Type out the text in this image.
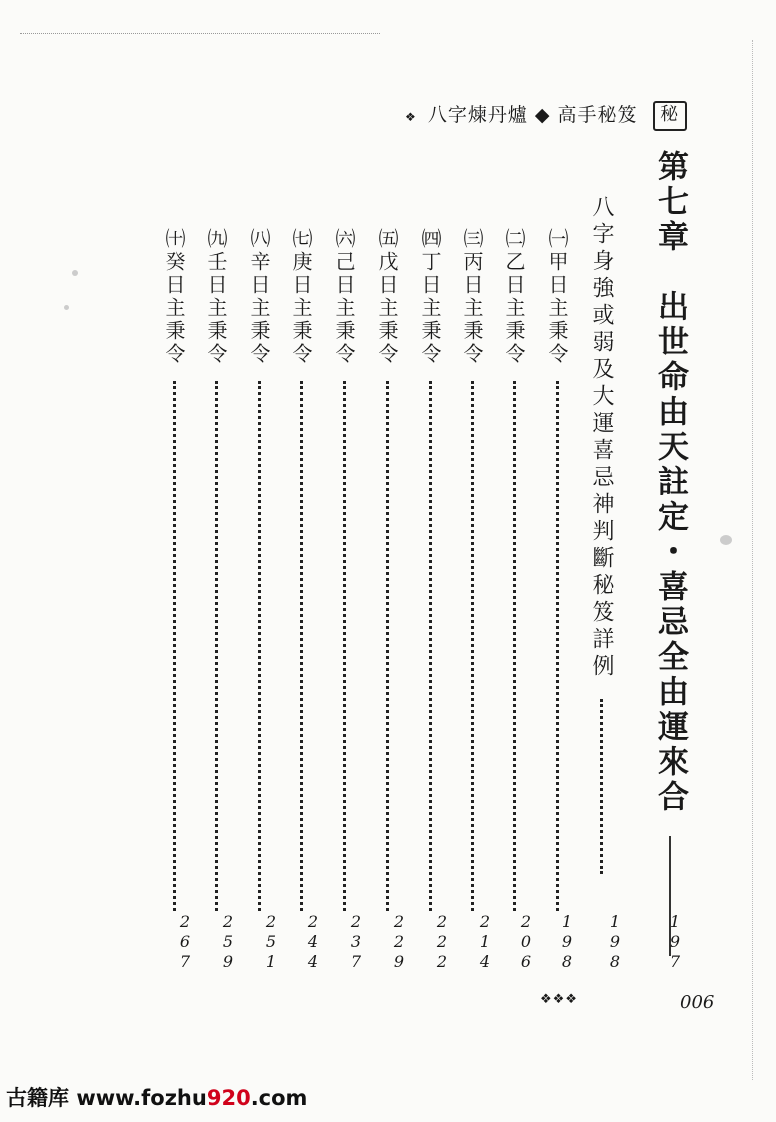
❖ 八字煉丹爐 ◆ 高手秘笈 秘
第七章　出世命由天註定・喜忌全由運來合
197
八字身強或弱及大運喜忌神判斷秘笈詳例
198
㈠甲日主秉令
198
㈡乙日主秉令
206
㈢丙日主秉令
214
㈣丁日主秉令
222
㈤戊日主秉令
229
㈥己日主秉令
237
㈦庚日主秉令
244
㈧辛日主秉令
251
㈨壬日主秉令
259
㈩癸日主秉令
267
❖❖❖	006
古籍库 www.fozhu920.com
